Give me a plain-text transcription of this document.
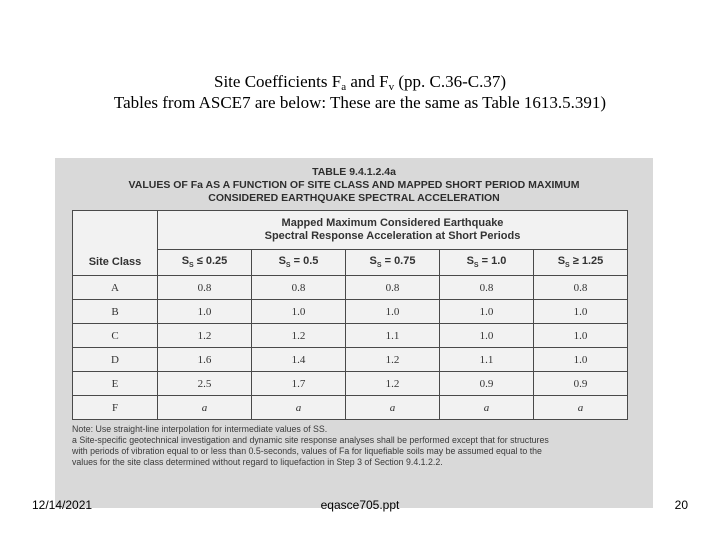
Site Coefficients $F_a$ and $F_v$ (pp. C.36-C.37)
Tables from ASCE7 are below: These are the same as Table 1613.5.391)
TABLE 9.4.1.2.4a
VALUES OF Fa AS A FUNCTION OF SITE CLASS AND MAPPED SHORT PERIOD MAXIMUM
CONSIDERED EARTHQUAKE SPECTRAL ACCELERATION

	Mapped Maximum Considered Earthquake
Spectral Response Acceleration at Short Periods				

Site Class	$S_S \le 0.25$	$S_S = 0.5$	$S_S = 0.75$	$S_S = 1.0$	$S_S \ge 1.25$
A	0.8	0.8	0.8	0.8	0.8
B	1.0	1.0	1.0	1.0	1.0
C	1.2	1.2	1.1	1.0	1.0
D	1.6	1.4	1.2	1.1	1.0
E	2.5	1.7	1.2	0.9	0.9
F	a	a	a	a	a
Note: Use straight-line interpolation for intermediate values of SS.
a Site-specific geotechnical investigation and dynamic site response analyses shall be performed except that for structures
with periods of vibration equal to or less than 0.5-seconds, values of Fa for liquefiable soils may be assumed equal to the
values for the site class determined without regard to liquefaction in Step 3 of Section 9.4.1.2.2.
12/14/2021	eqasce705.ppt	20
